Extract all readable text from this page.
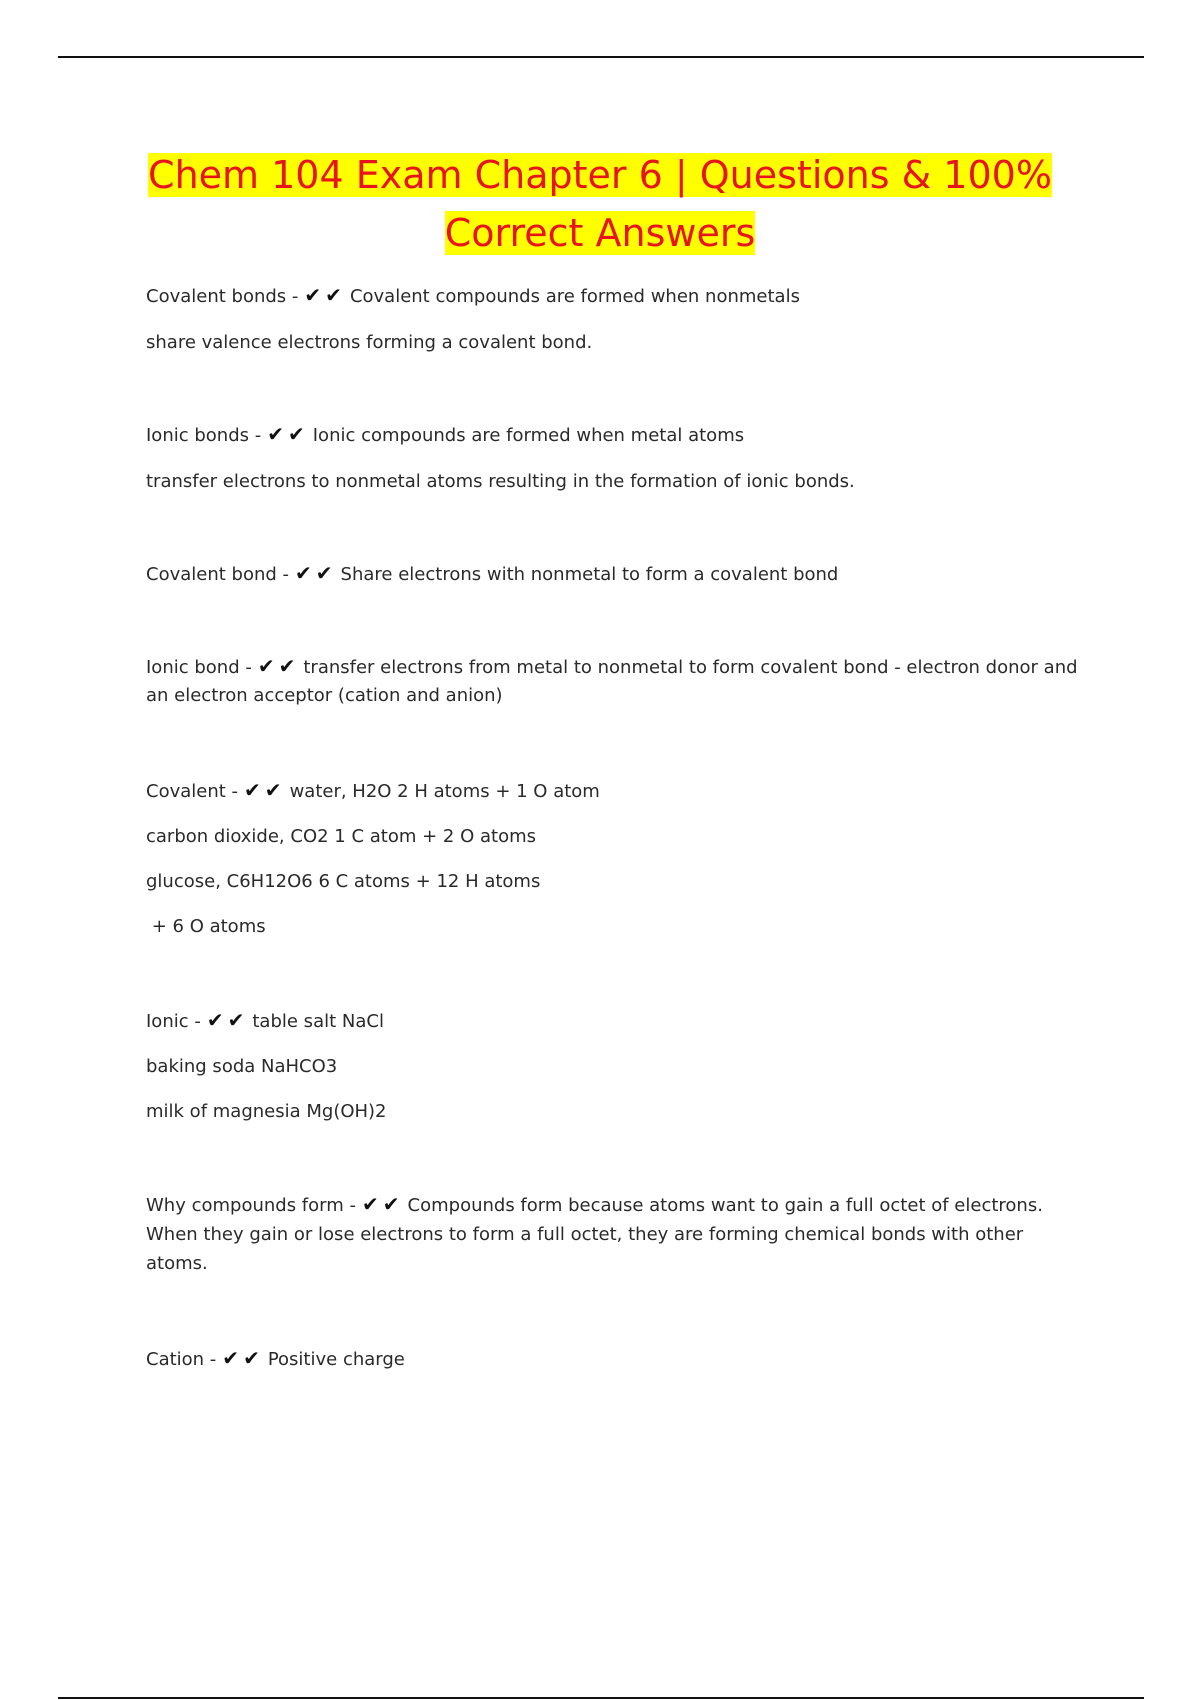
Chem 104 Exam Chapter 6 | Questions & 100%
Correct Answers
Covalent bonds - ✔ ✔ Covalent compounds are formed when nonmetals
share valence electrons forming a covalent bond.
Ionic bonds - ✔ ✔ Ionic compounds are formed when metal atoms
transfer electrons to nonmetal atoms resulting in the formation of ionic bonds.
Covalent bond - ✔ ✔ Share electrons with nonmetal to form a covalent bond
Ionic bond - ✔ ✔ transfer electrons from metal to nonmetal to form covalent bond - electron donor and an electron acceptor (cation and anion)
Covalent - ✔ ✔ water, H2O 2 H atoms + 1 O atom
carbon dioxide, CO2 1 C atom + 2 O atoms
glucose, C6H12O6 6 C atoms + 12 H atoms
+ 6 O atoms
Ionic - ✔ ✔ table salt NaCl
baking soda NaHCO3
milk of magnesia Mg(OH)2
Why compounds form - ✔ ✔ Compounds form because atoms want to gain a full octet of electrons. When they gain or lose electrons to form a full octet, they are forming chemical bonds with other atoms.
Cation - ✔ ✔ Positive charge
